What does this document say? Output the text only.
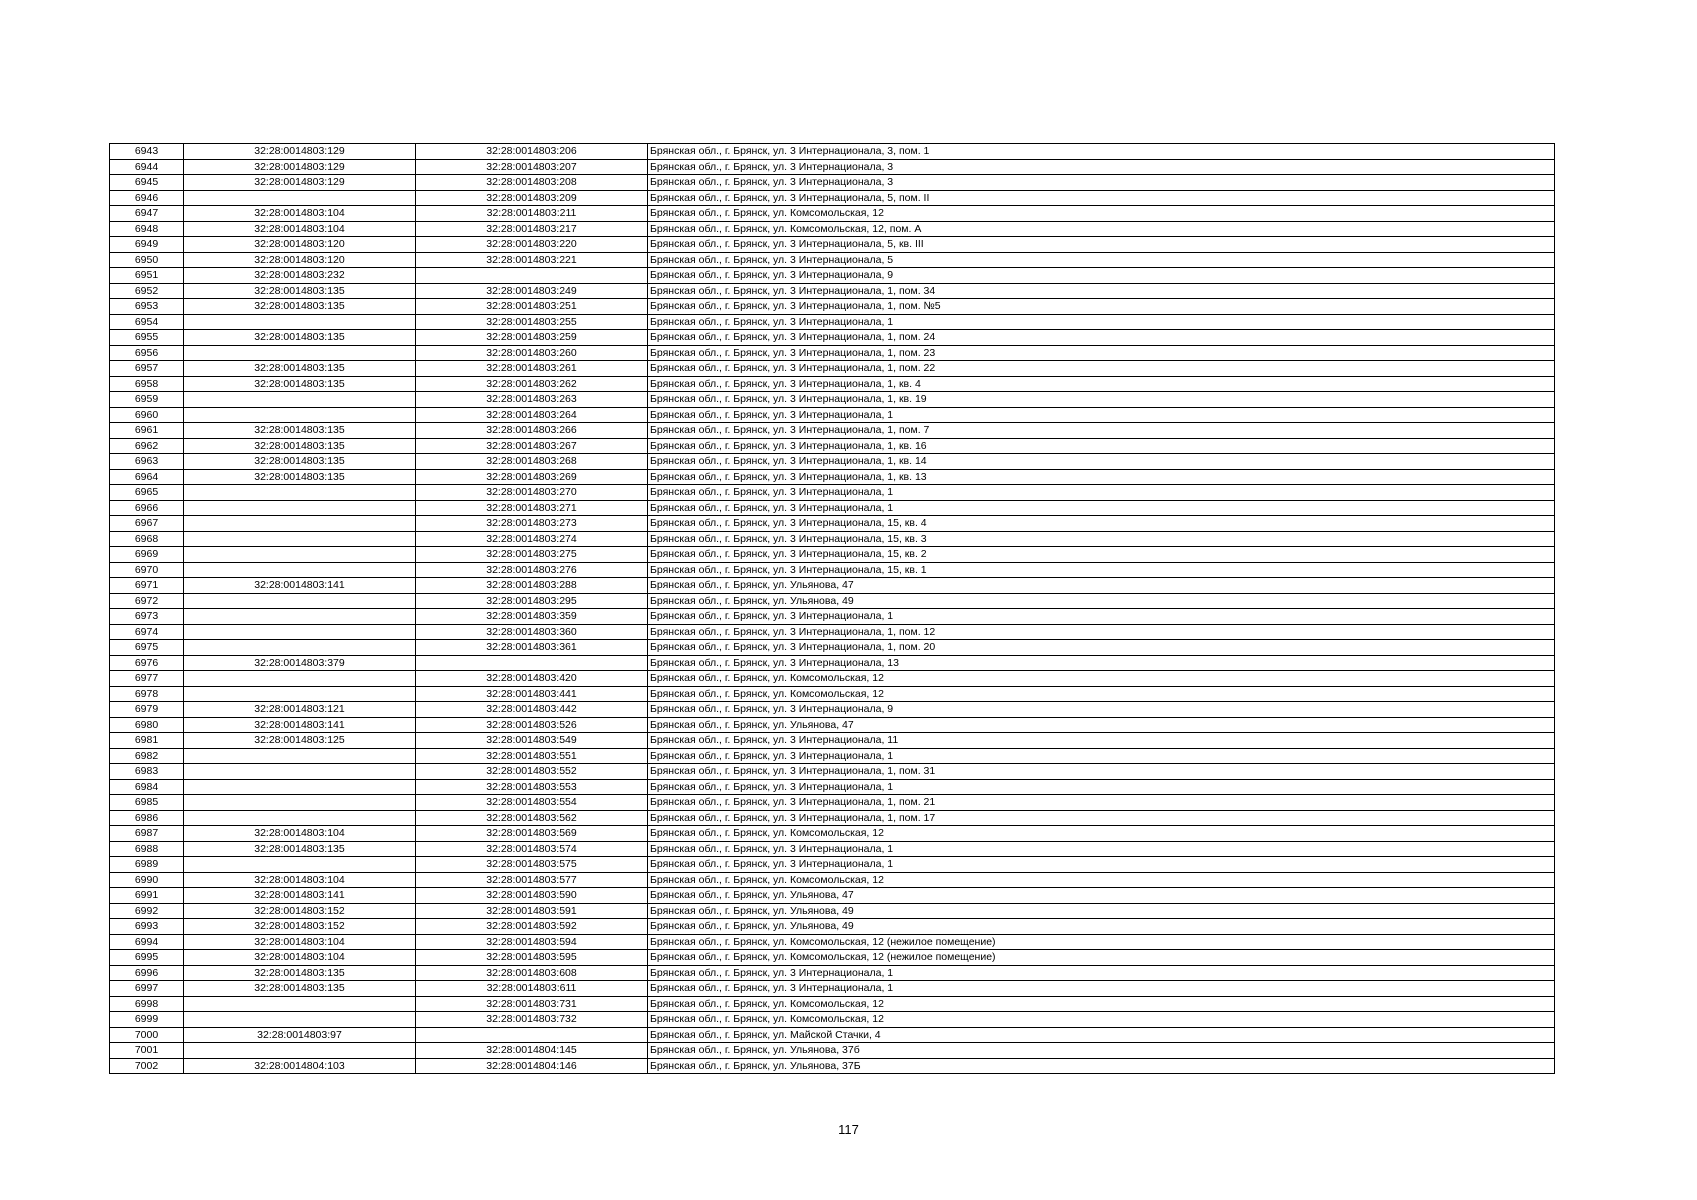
6943	32:28:0014803:129	32:28:0014803:206	Брянская обл., г. Брянск, ул. 3 Интернационала, 3, пом. 1
6944	32:28:0014803:129	32:28:0014803:207	Брянская обл., г. Брянск, ул. 3 Интернационала, 3
6945	32:28:0014803:129	32:28:0014803:208	Брянская обл., г. Брянск, ул. 3 Интернационала, 3
6946		32:28:0014803:209	Брянская обл., г. Брянск, ул. 3 Интернационала, 5, пом. II
6947	32:28:0014803:104	32:28:0014803:211	Брянская обл., г. Брянск, ул. Комсомольская, 12
6948	32:28:0014803:104	32:28:0014803:217	Брянская обл., г. Брянск, ул. Комсомольская, 12, пом. А
6949	32:28:0014803:120	32:28:0014803:220	Брянская обл., г. Брянск, ул. 3 Интернационала, 5, кв. III
6950	32:28:0014803:120	32:28:0014803:221	Брянская обл., г. Брянск, ул. 3 Интернационала, 5
6951	32:28:0014803:232		Брянская обл., г. Брянск, ул. 3 Интернационала, 9
6952	32:28:0014803:135	32:28:0014803:249	Брянская обл., г. Брянск, ул. 3 Интернационала, 1, пом. 34
6953	32:28:0014803:135	32:28:0014803:251	Брянская обл., г. Брянск, ул. 3 Интернационала, 1, пом. №5
6954		32:28:0014803:255	Брянская обл., г. Брянск, ул. 3 Интернационала, 1
6955	32:28:0014803:135	32:28:0014803:259	Брянская обл., г. Брянск, ул. 3 Интернационала, 1, пом. 24
6956		32:28:0014803:260	Брянская обл., г. Брянск, ул. 3 Интернационала, 1, пом. 23
6957	32:28:0014803:135	32:28:0014803:261	Брянская обл., г. Брянск, ул. 3 Интернационала, 1, пом. 22
6958	32:28:0014803:135	32:28:0014803:262	Брянская обл., г. Брянск, ул. 3 Интернационала, 1, кв. 4
6959		32:28:0014803:263	Брянская обл., г. Брянск, ул. 3 Интернационала, 1, кв. 19
6960		32:28:0014803:264	Брянская обл., г. Брянск, ул. 3 Интернационала, 1
6961	32:28:0014803:135	32:28:0014803:266	Брянская обл., г. Брянск, ул. 3 Интернационала, 1, пом. 7
6962	32:28:0014803:135	32:28:0014803:267	Брянская обл., г. Брянск, ул. 3 Интернационала, 1, кв. 16
6963	32:28:0014803:135	32:28:0014803:268	Брянская обл., г. Брянск, ул. 3 Интернационала, 1, кв. 14
6964	32:28:0014803:135	32:28:0014803:269	Брянская обл., г. Брянск, ул. 3 Интернационала, 1, кв. 13
6965		32:28:0014803:270	Брянская обл., г. Брянск, ул. 3 Интернационала, 1
6966		32:28:0014803:271	Брянская обл., г. Брянск, ул. 3 Интернационала, 1
6967		32:28:0014803:273	Брянская обл., г. Брянск, ул. 3 Интернационала, 15, кв. 4
6968		32:28:0014803:274	Брянская обл., г. Брянск, ул. 3 Интернационала, 15, кв. 3
6969		32:28:0014803:275	Брянская обл., г. Брянск, ул. 3 Интернационала, 15, кв. 2
6970		32:28:0014803:276	Брянская обл., г. Брянск, ул. 3 Интернационала, 15, кв. 1
6971	32:28:0014803:141	32:28:0014803:288	Брянская обл., г. Брянск, ул. Ульянова, 47
6972		32:28:0014803:295	Брянская обл., г. Брянск, ул. Ульянова, 49
6973		32:28:0014803:359	Брянская обл., г. Брянск, ул. 3 Интернационала, 1
6974		32:28:0014803:360	Брянская обл., г. Брянск, ул. 3 Интернационала, 1, пом. 12
6975		32:28:0014803:361	Брянская обл., г. Брянск, ул. 3 Интернационала, 1, пом. 20
6976	32:28:0014803:379		Брянская обл., г. Брянск, ул. 3 Интернационала, 13
6977		32:28:0014803:420	Брянская обл., г. Брянск, ул. Комсомольская, 12
6978		32:28:0014803:441	Брянская обл., г. Брянск, ул. Комсомольская, 12
6979	32:28:0014803:121	32:28:0014803:442	Брянская обл., г. Брянск, ул. 3 Интернационала, 9
6980	32:28:0014803:141	32:28:0014803:526	Брянская обл., г. Брянск, ул. Ульянова, 47
6981	32:28:0014803:125	32:28:0014803:549	Брянская обл., г. Брянск, ул. 3 Интернационала, 11
6982		32:28:0014803:551	Брянская обл., г. Брянск, ул. 3 Интернационала, 1
6983		32:28:0014803:552	Брянская обл., г. Брянск, ул. 3 Интернационала, 1, пом. 31
6984		32:28:0014803:553	Брянская обл., г. Брянск, ул. 3 Интернационала, 1
6985		32:28:0014803:554	Брянская обл., г. Брянск, ул. 3 Интернационала, 1, пом. 21
6986		32:28:0014803:562	Брянская обл., г. Брянск, ул. 3 Интернационала, 1, пом. 17
6987	32:28:0014803:104	32:28:0014803:569	Брянская обл., г. Брянск, ул. Комсомольская, 12
6988	32:28:0014803:135	32:28:0014803:574	Брянская обл., г. Брянск, ул. 3 Интернационала, 1
6989		32:28:0014803:575	Брянская обл., г. Брянск, ул. 3 Интернационала, 1
6990	32:28:0014803:104	32:28:0014803:577	Брянская обл., г. Брянск, ул. Комсомольская, 12
6991	32:28:0014803:141	32:28:0014803:590	Брянская обл., г. Брянск, ул. Ульянова, 47
6992	32:28:0014803:152	32:28:0014803:591	Брянская обл., г. Брянск, ул. Ульянова, 49
6993	32:28:0014803:152	32:28:0014803:592	Брянская обл., г. Брянск, ул. Ульянова, 49
6994	32:28:0014803:104	32:28:0014803:594	Брянская обл., г. Брянск, ул. Комсомольская, 12 (нежилое помещение)
6995	32:28:0014803:104	32:28:0014803:595	Брянская обл., г. Брянск, ул. Комсомольская, 12 (нежилое помещение)
6996	32:28:0014803:135	32:28:0014803:608	Брянская обл., г. Брянск, ул. 3 Интернационала, 1
6997	32:28:0014803:135	32:28:0014803:611	Брянская обл., г. Брянск, ул. 3 Интернационала, 1
6998		32:28:0014803:731	Брянская обл., г. Брянск, ул. Комсомольская, 12
6999		32:28:0014803:732	Брянская обл., г. Брянск, ул. Комсомольская, 12
7000	32:28:0014803:97		Брянская обл., г. Брянск, ул. Майской Стачки, 4
7001		32:28:0014804:145	Брянская обл., г. Брянск, ул. Ульянова, 37б
7002	32:28:0014804:103	32:28:0014804:146	Брянская обл., г. Брянск, ул. Ульянова, 37Б
117
